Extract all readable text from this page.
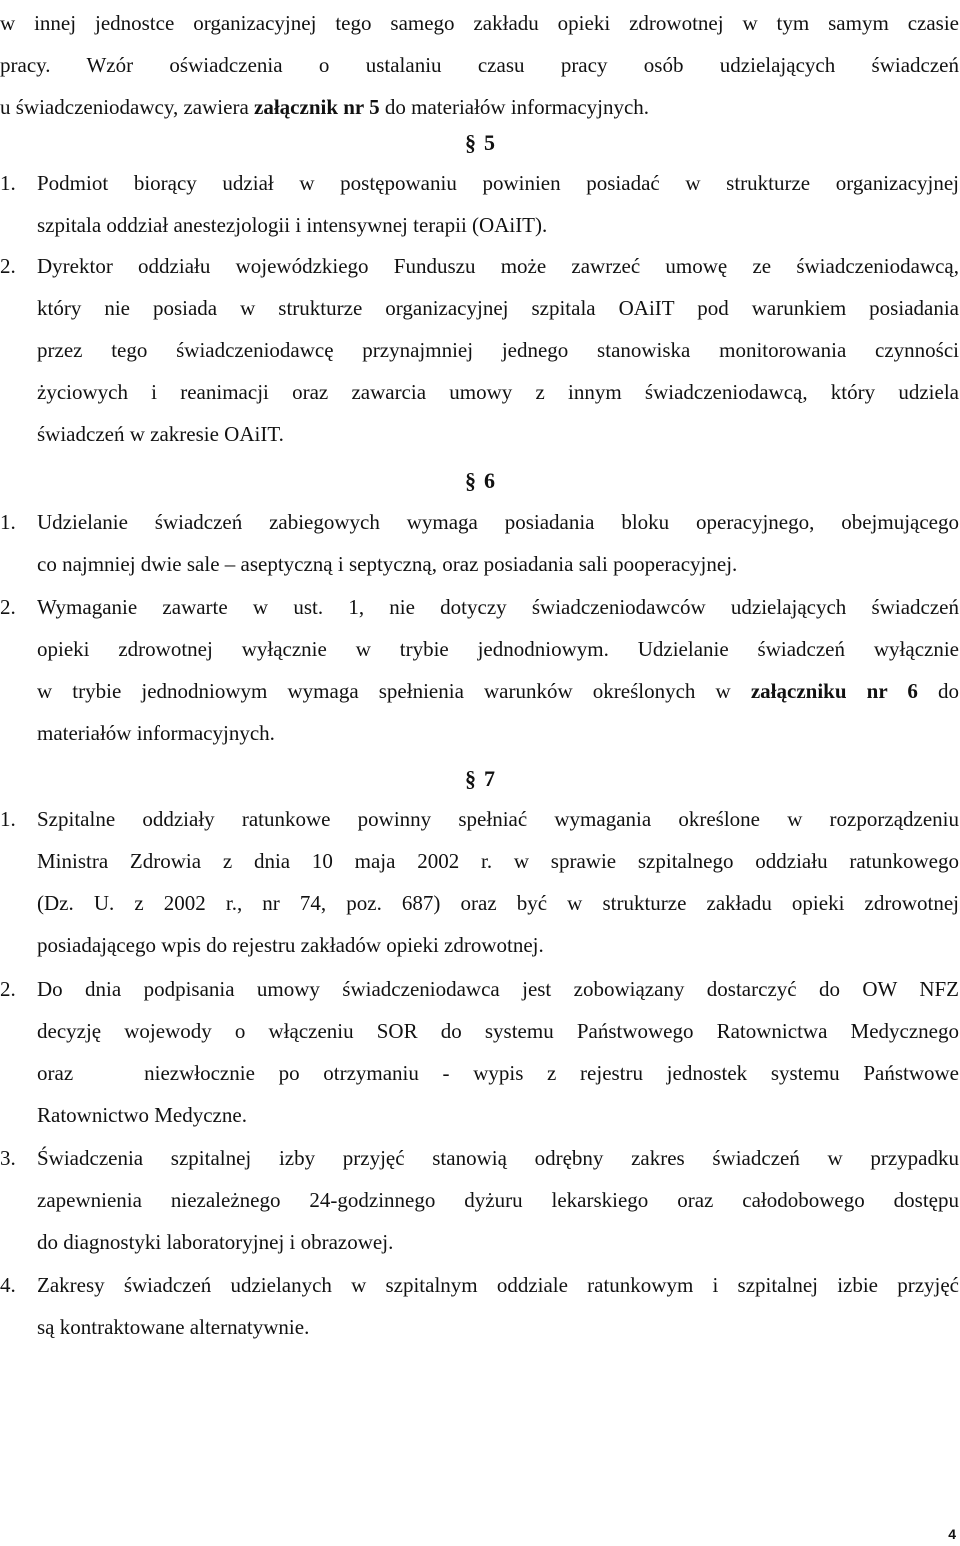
w innej jednostce organizacyjnej tego samego zakładu opieki zdrowotnej w tym samym czasie
pracy. Wzór oświadczenia o ustalaniu czasu pracy osób udzielających świadczeń
u świadczeniodawcy, zawiera załącznik nr 5 do materiałów informacyjnych.
§ 5
1. Podmiot biorący udział w postępowaniu powinien posiadać w strukturze organizacyjnej
szpitala oddział anestezjologii i intensywnej terapii (OAiIT).
2. Dyrektor oddziału wojewódzkiego Funduszu może zawrzeć umowę ze świadczeniodawcą,
który nie posiada w strukturze organizacyjnej szpitala OAiIT pod warunkiem posiadania
przez tego świadczeniodawcę przynajmniej jednego stanowiska monitorowania czynności
życiowych i reanimacji oraz zawarcia umowy z innym świadczeniodawcą, który udziela
świadczeń w zakresie OAiIT.
§ 6
1. Udzielanie świadczeń zabiegowych wymaga posiadania bloku operacyjnego, obejmującego
co najmniej dwie sale – aseptyczną i septyczną, oraz posiadania sali pooperacyjnej.
2. Wymaganie zawarte w ust. 1, nie dotyczy świadczeniodawców udzielających świadczeń
opieki zdrowotnej wyłącznie w trybie jednodniowym. Udzielanie świadczeń wyłącznie
w trybie jednodniowym wymaga spełnienia warunków określonych w załączniku nr 6 do
materiałów informacyjnych.
§ 7
1. Szpitalne oddziały ratunkowe powinny spełniać wymagania określone w rozporządzeniu
Ministra Zdrowia z dnia 10 maja 2002 r. w sprawie szpitalnego oddziału ratunkowego
(Dz. U. z 2002 r., nr 74, poz. 687) oraz być w strukturze zakładu opieki zdrowotnej
posiadającego wpis do rejestru zakładów opieki zdrowotnej.
2. Do dnia podpisania umowy świadczeniodawca jest zobowiązany dostarczyć do OW NFZ
decyzję wojewody o włączeniu SOR do systemu Państwowego Ratownictwa Medycznego
oraz   niezwłocznie po otrzymaniu - wypis z rejestru jednostek systemu Państwowe
Ratownictwo Medyczne.
3. Świadczenia szpitalnej izby przyjęć stanowią odrębny zakres świadczeń w przypadku
zapewnienia niezależnego 24-godzinnego dyżuru lekarskiego oraz całodobowego dostępu
do diagnostyki laboratoryjnej i obrazowej.
4. Zakresy świadczeń udzielanych w szpitalnym oddziale ratunkowym i szpitalnej izbie przyjęć
są kontraktowane alternatywnie.
4
